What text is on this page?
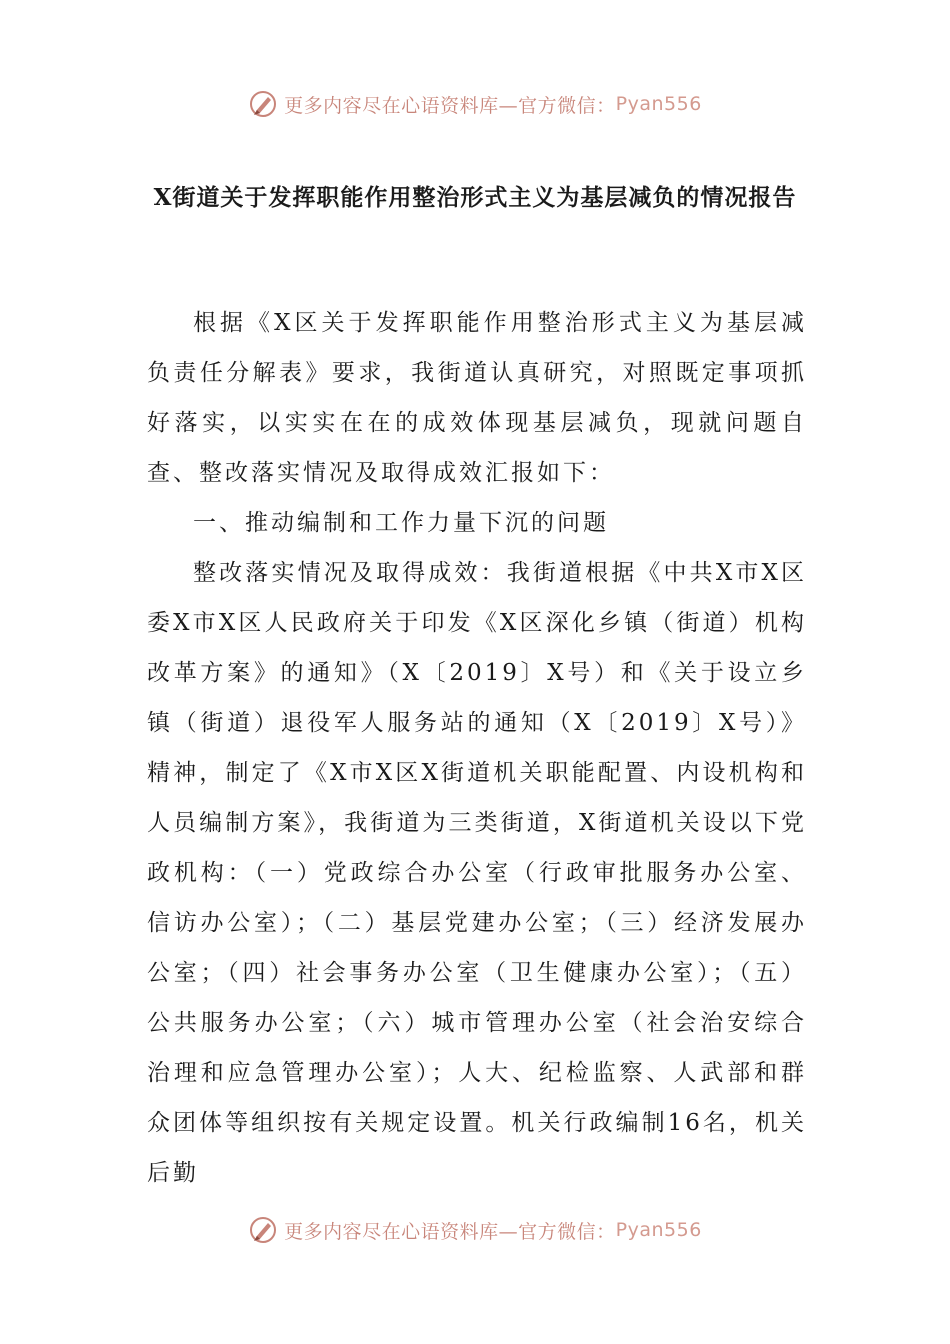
更多内容尽在心语资料库—官方微信： Pyan556
X街道关于发挥职能作用整治形式主义为基层减负的情况报告

根据《X区关于发挥职能作用整治形式主义为基层减负责任分解表》要求，我街道认真研究，对照既定事项抓好落实，以实实在在的成效体现基层减负，现就问题自查、整改落实情况及取得成效汇报如下：

一、推动编制和工作力量下沉的问题

整改落实情况及取得成效：我街道根据《中共X市X区委X市X区人民政府关于印发《X区深化乡镇（街道）机构改革方案》的通知》（X〔2019〕X号）和《关于设立乡镇（街道）退役军人服务站的通知（X〔2019〕X号）》精神，制定了《X市X区X街道机关职能配置、内设机构和人员编制方案》，我街道为三类街道，X街道机关设以下党政机构：（一）党政综合办公室（行政审批服务办公室、信访办公室）；（二）基层党建办公室；（三）经济发展办公室；（四）社会事务办公室（卫生健康办公室）；（五）公共服务办公室；（六）城市管理办公室（社会治安综合治理和应急管理办公室）；人大、纪检监察、人武部和群众团体等组织按有关规定设置。机关行政编制16名，机关后勤

更多内容尽在心语资料库—官方微信： Pyan556
